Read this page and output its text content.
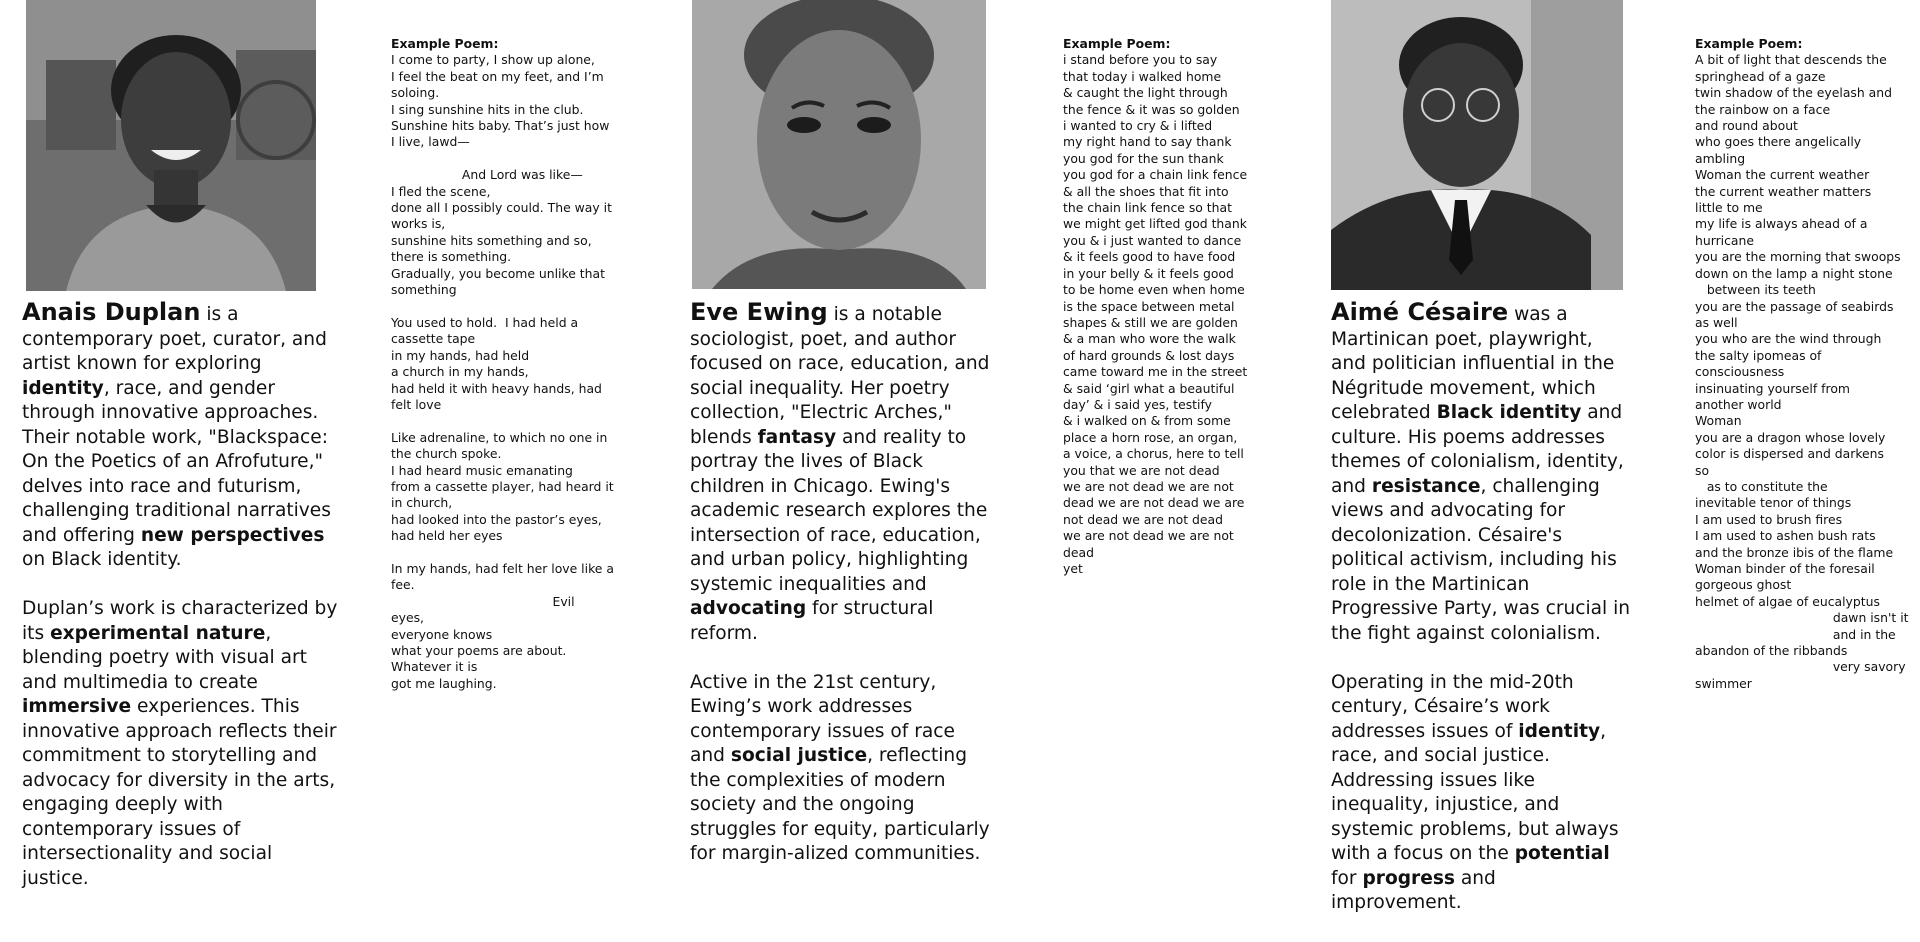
Anais Duplan is a contemporary poet, curator, and artist known for exploring identity, race, and gender through innovative approaches. Their notable work, "Blackspace: On the Poetics of an Afrofuture," delves into race and futurism, challenging traditional narratives and offering new perspectives on Black identity.

Duplan’s work is characterized by its experimental nature, blending poetry with visual art and multimedia to create immersive experiences. This innovative approach reflects their commitment to storytelling and advocacy for diversity in the arts, engaging deeply with contemporary issues of intersectionality and social justice.

Example Poem:
I come to party, I show up alone,
I feel the beat on my feet, and I’m
soloing.
I sing sunshine hits in the club.
Sunshine hits baby. That’s just how
I live, lawd—
And Lord was like—
I fled the scene,
done all I possibly could. The way it
works is,
sunshine hits something and so,
there is something.
Gradually, you become unlike that
something
You used to hold.  I had held a
cassette tape
in my hands, had held
a church in my hands,
had held it with heavy hands, had
felt love
Like adrenaline, to which no one in
the church spoke.
I had heard music emanating
from a cassette player, had heard it
in church,
had looked into the pastor’s eyes,
had held her eyes
In my hands, had felt her love like a
fee.
Evil
eyes,
everyone knows
what your poems are about.
Whatever it is
got me laughing.

Eve Ewing is a notable sociologist, poet, and author focused on race, education, and social inequality. Her poetry collection, "Electric Arches," blends fantasy and reality to portray the lives of Black children in Chicago. Ewing's academic research explores the intersection of race, education, and urban policy, highlighting systemic inequalities and advocating for structural reform.

Active in the 21st century, Ewing’s work addresses contemporary issues of race and social justice, reflecting the complexities of modern society and the ongoing struggles for equity, particularly for margin-alized communities.

Example Poem:
i stand before you to say
that today i walked home
& caught the light through
the fence & it was so golden
i wanted to cry & i lifted
my right hand to say thank
you god for the sun thank
you god for a chain link fence
& all the shoes that fit into
the chain link fence so that
we might get lifted god thank
you & i just wanted to dance
& it feels good to have food
in your belly & it feels good
to be home even when home
is the space between metal
shapes & still we are golden
& a man who wore the walk
of hard grounds & lost days
came toward me in the street
& said ‘girl what a beautiful
day’ & i said yes, testify
& i walked on & from some
place a horn rose, an organ,
a voice, a chorus, here to tell
you that we are not dead
we are not dead we are not
dead we are not dead we are
not dead we are not dead
we are not dead we are not
dead
yet

Aimé Césaire was a Martinican poet, playwright, and politician influential in the Négritude movement, which celebrated Black identity and culture. His poems addresses themes of colonialism, identity, and resistance, challenging views and advocating for decolonization. Césaire's political activism, including his role in the Martinican Progressive Party, was crucial in the fight against colonialism.

Operating in the mid-20th century, Césaire’s work addresses issues of identity, race, and social justice. Addressing issues like inequality, injustice, and systemic problems, but always with a focus on the potential for progress and improvement.

Example Poem:
A bit of light that descends the
springhead of a gaze
twin shadow of the eyelash and
the rainbow on a face
and round about
who goes there angelically
ambling
Woman the current weather
the current weather matters
little to me
my life is always ahead of a
hurricane
you are the morning that swoops
down on the lamp a night stone
between its teeth
you are the passage of seabirds
as well
you who are the wind through
the salty ipomeas of
consciousness
insinuating yourself from
another world
Woman
you are a dragon whose lovely
color is dispersed and darkens
so
as to constitute the
inevitable tenor of things
I am used to brush fires
I am used to ashen bush rats
and the bronze ibis of the flame
Woman binder of the foresail
gorgeous ghost
helmet of algae of eucalyptus
dawn isn't it
and in the
abandon of the ribbands
very savory
swimmer
